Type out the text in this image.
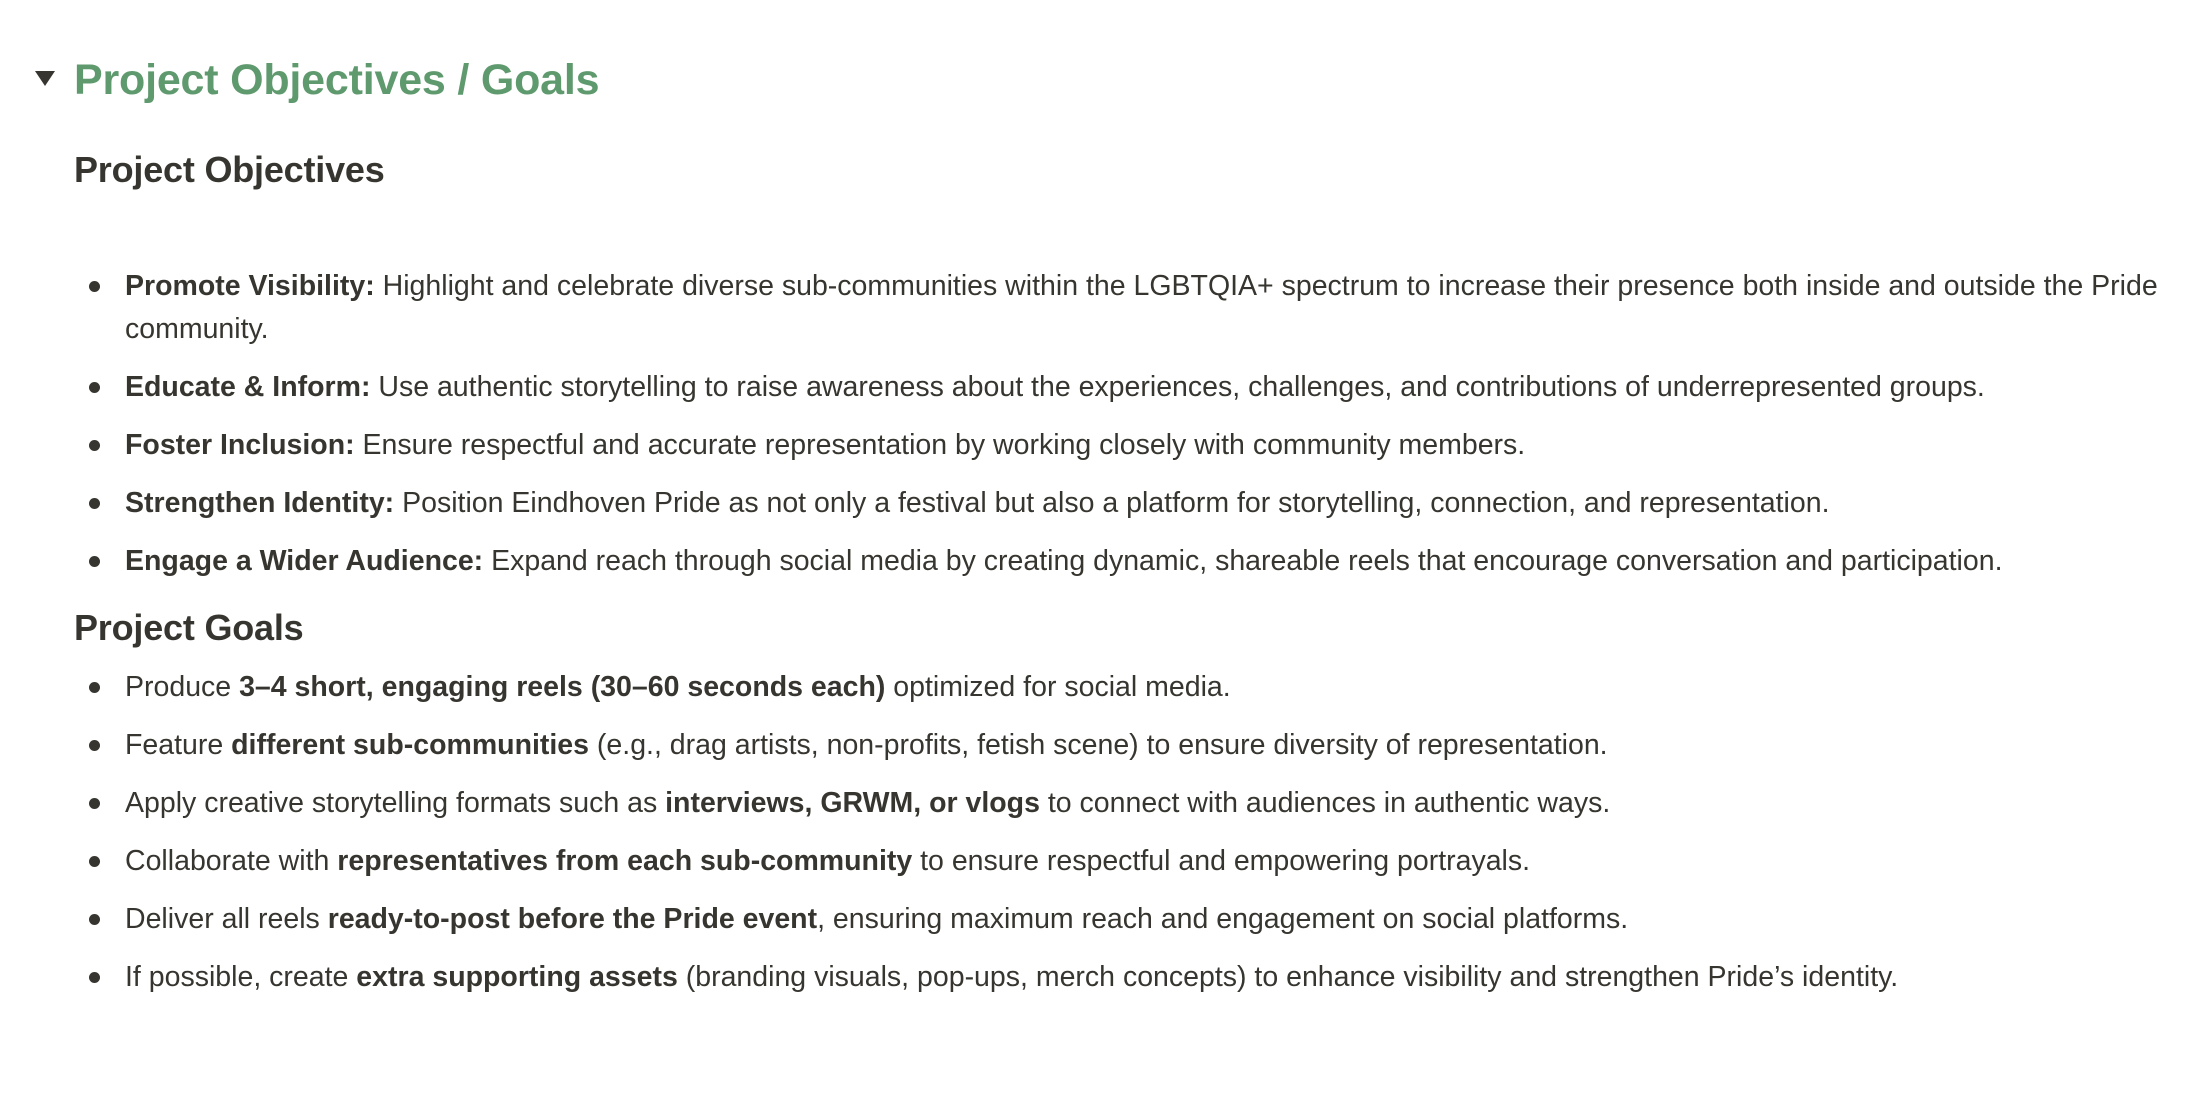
Project Objectives / Goals
Project Objectives
Promote Visibility: Highlight and celebrate diverse sub-communities within the LGBTQIA+ spectrum to increase their presence both inside and outside the Pride community.
Educate & Inform: Use authentic storytelling to raise awareness about the experiences, challenges, and contributions of underrepresented groups.
Foster Inclusion: Ensure respectful and accurate representation by working closely with community members.
Strengthen Identity: Position Eindhoven Pride as not only a festival but also a platform for storytelling, connection, and representation.
Engage a Wider Audience: Expand reach through social media by creating dynamic, shareable reels that encourage conversation and participation.
Project Goals
Produce 3–4 short, engaging reels (30–60 seconds each) optimized for social media.
Feature different sub-communities (e.g., drag artists, non-profits, fetish scene) to ensure diversity of representation.
Apply creative storytelling formats such as interviews, GRWM, or vlogs to connect with audiences in authentic ways.
Collaborate with representatives from each sub-community to ensure respectful and empowering portrayals.
Deliver all reels ready-to-post before the Pride event, ensuring maximum reach and engagement on social platforms.
If possible, create extra supporting assets (branding visuals, pop-ups, merch concepts) to enhance visibility and strengthen Pride’s identity.
